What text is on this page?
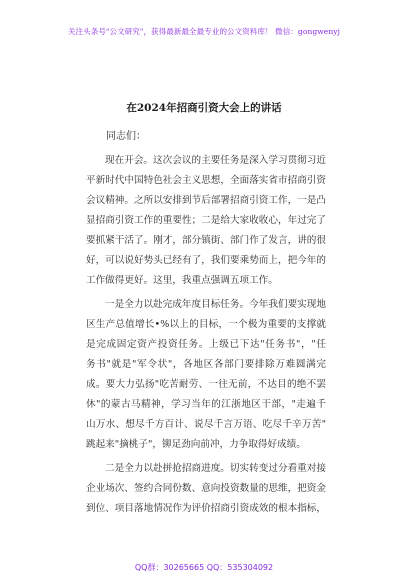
关注头条号"公文研究"，获得最新最全最专业的公文资料库！ 微信：gongwenyj
在2024年招商引资大会上的讲话
同志们：
现在开会。这次会议的主要任务是深入学习贯彻习近
平新时代中国特色社会主义思想，全面落实省市招商引资
会议精神。之所以安排到节后部署招商引资工作，一是凸
显招商引资工作的重要性；二是给大家收收心，年过完了
要抓紧干活了。刚才，部分镇街、部门作了发言，讲的很
好，可以说好势头已经有了，我们要乘势而上，把今年的
工作做得更好。这里，我重点强调五项工作。
一是全力以赴完成年度目标任务。今年我们要实现地
区生产总值增长•%以上的目标，一个极为重要的支撑就
是完成固定资产投资任务。上级已下达"任务书"，"任
务书"就是"军令状"，各地区各部门要排除万难圆满完
成。要大力弘扬"吃苦耐劳、一往无前，不达目的绝不罢
休"的蒙古马精神，学习当年的江浙地区干部，"走遍千
山万水、想尽千方百计、说尽千言万语、吃尽千辛万苦"
跳起来"摘桃子"，铆足劲向前冲，力争取得好成绩。
二是全力以赴拼抢招商进度。切实转变过分看重对接
企业场次、签约合同份数、意向投资数量的思维，把资金
到位、项目落地情况作为评价招商引资成效的根本指标，
QQ群：30265665 QQ：535304092
